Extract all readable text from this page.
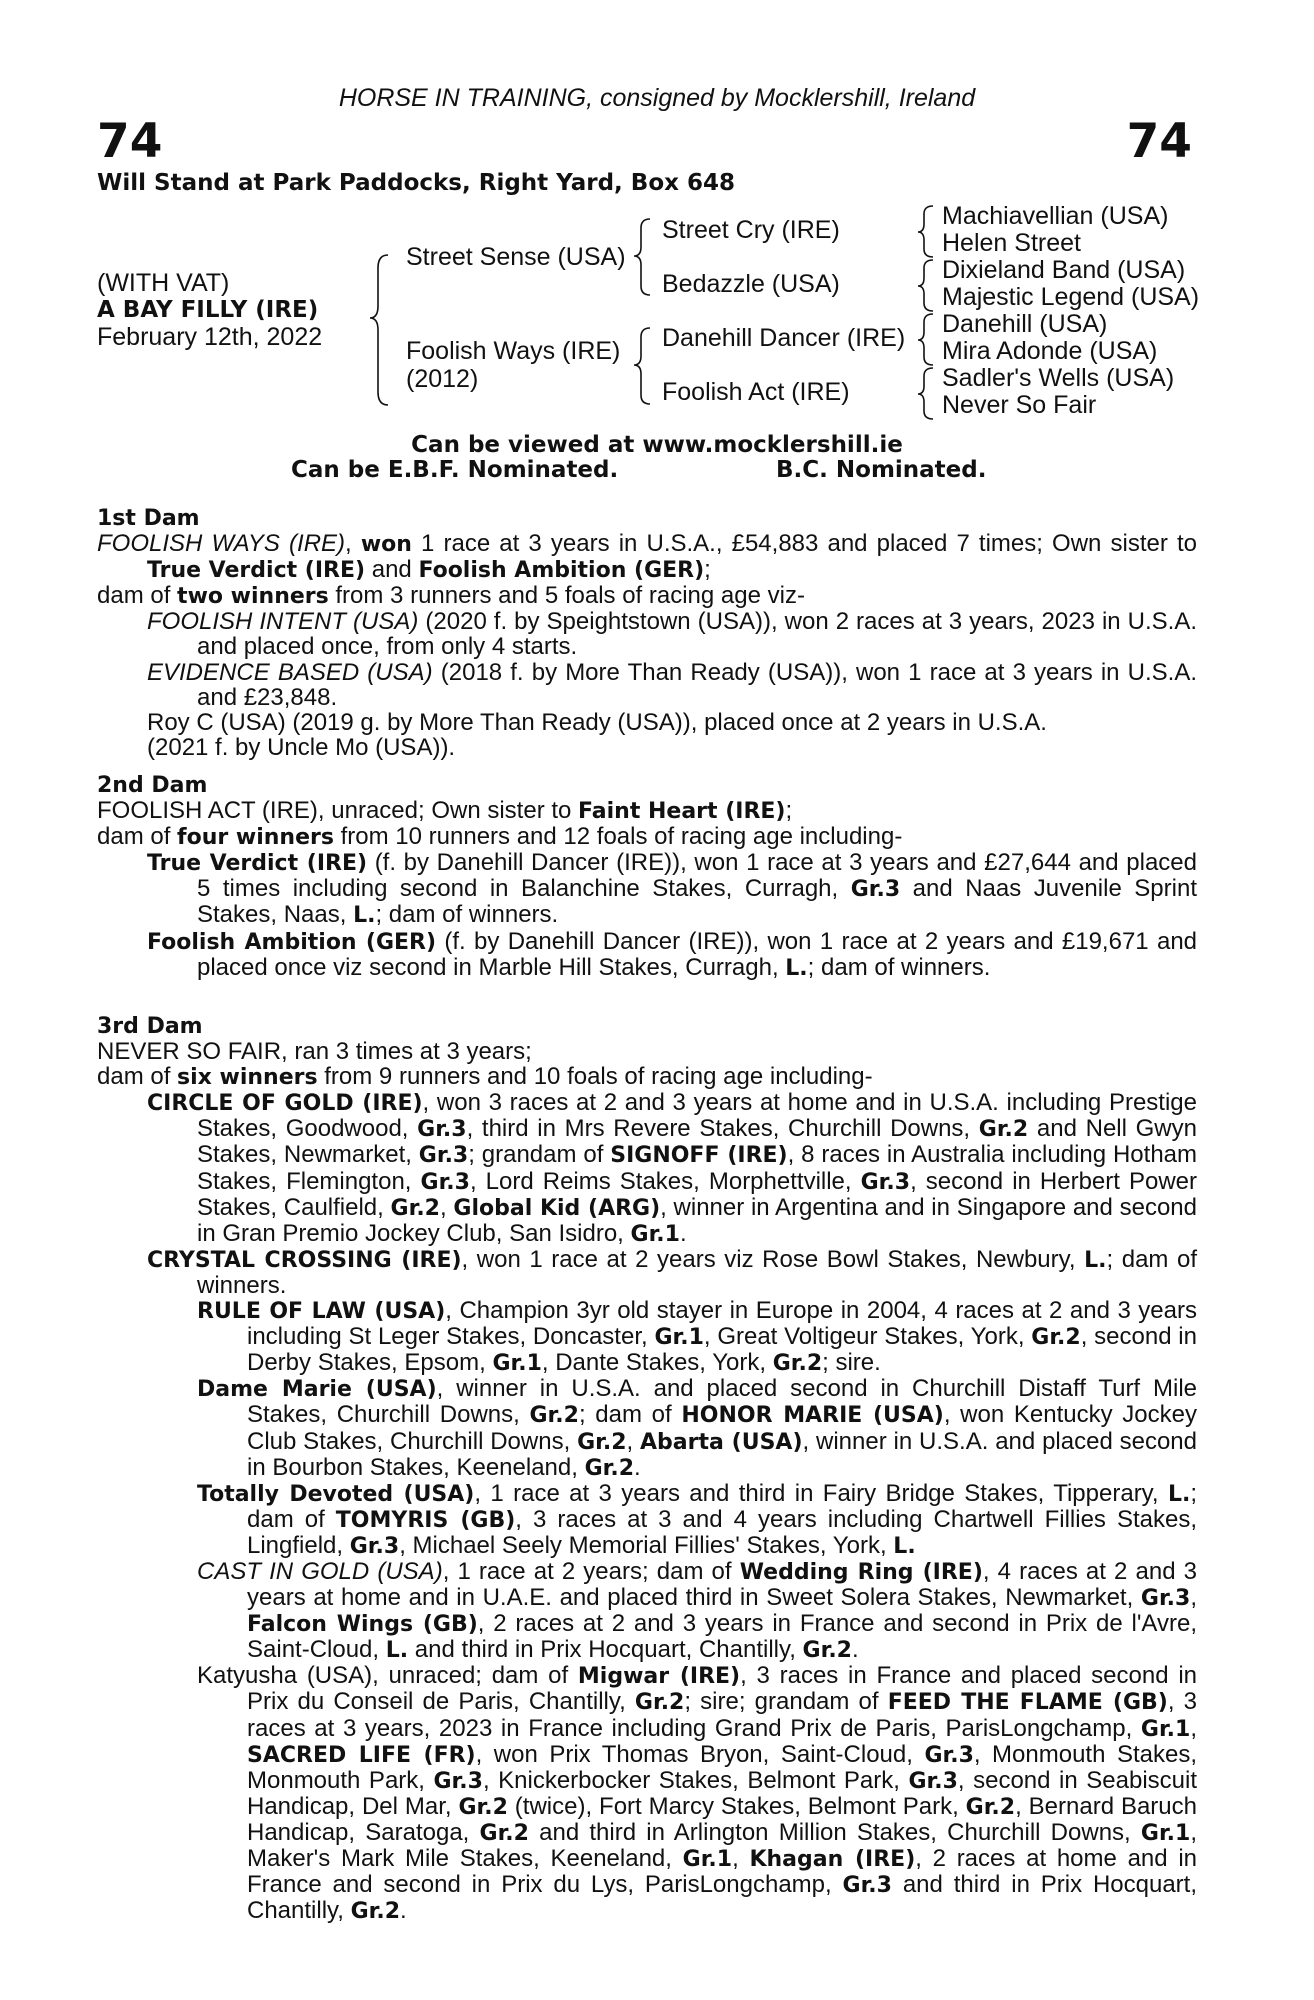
HORSE IN TRAINING, consigned by Mocklershill, Ireland
74	74
Will Stand at Park Paddocks, Right Yard, Box 648
(WITH VAT)
A BAY FILLY (IRE)
February 12th, 2022
Street Sense (USA)
Foolish Ways (IRE)
(2012)
Street Cry (IRE)
Bedazzle (USA)
Danehill Dancer (IRE)
Foolish Act (IRE)
Machiavellian (USA)
Helen Street
Dixieland Band (USA)
Majestic Legend (USA)
Danehill (USA)
Mira Adonde (USA)
Sadler's Wells (USA)
Never So Fair
Can be viewed at www.mocklershill.ie
Can be E.B.F. Nominated.	B.C. Nominated.

1st Dam

FOOLISH WAYS (IRE), won 1 race at 3 years in U.S.A., £54,883 and placed 7 times; Own sister to True Verdict (IRE) and Foolish Ambition (GER);

dam of two winners from 3 runners and 5 foals of racing age viz-

FOOLISH INTENT (USA) (2020 f. by Speightstown (USA)), won 2 races at 3 years, 2023 in U.S.A. and placed once, from only 4 starts.

EVIDENCE BASED (USA) (2018 f. by More Than Ready (USA)), won 1 race at 3 years in U.S.A. and £23,848.

Roy C (USA) (2019 g. by More Than Ready (USA)), placed once at 2 years in U.S.A.

(2021 f. by Uncle Mo (USA)).

2nd Dam

FOOLISH ACT (IRE), unraced; Own sister to Faint Heart (IRE);

dam of four winners from 10 runners and 12 foals of racing age including-

True Verdict (IRE) (f. by Danehill Dancer (IRE)), won 1 race at 3 years and £27,644 and placed 5 times including second in Balanchine Stakes, Curragh, Gr.3 and Naas Juvenile Sprint Stakes, Naas, L.; dam of winners.

Foolish Ambition (GER) (f. by Danehill Dancer (IRE)), won 1 race at 2 years and £19,671 and placed once viz second in Marble Hill Stakes, Curragh, L.; dam of winners.

3rd Dam

NEVER SO FAIR, ran 3 times at 3 years;

dam of six winners from 9 runners and 10 foals of racing age including-

CIRCLE OF GOLD (IRE), won 3 races at 2 and 3 years at home and in U.S.A. including Prestige Stakes, Goodwood, Gr.3, third in Mrs Revere Stakes, Churchill Downs, Gr.2 and Nell Gwyn Stakes, Newmarket, Gr.3; grandam of SIGNOFF (IRE), 8 races in Australia including Hotham Stakes, Flemington, Gr.3, Lord Reims Stakes, Morphettville, Gr.3, second in Herbert Power Stakes, Caulfield, Gr.2, Global Kid (ARG), winner in Argentina and in Singapore and second in Gran Premio Jockey Club, San Isidro, Gr.1.

CRYSTAL CROSSING (IRE), won 1 race at 2 years viz Rose Bowl Stakes, Newbury, L.; dam of winners.

RULE OF LAW (USA), Champion 3yr old stayer in Europe in 2004, 4 races at 2 and 3 years including St Leger Stakes, Doncaster, Gr.1, Great Voltigeur Stakes, York, Gr.2, second in Derby Stakes, Epsom, Gr.1, Dante Stakes, York, Gr.2; sire.

Dame Marie (USA), winner in U.S.A. and placed second in Churchill Distaff Turf Mile Stakes, Churchill Downs, Gr.2; dam of HONOR MARIE (USA), won Kentucky Jockey Club Stakes, Churchill Downs, Gr.2, Abarta (USA), winner in U.S.A. and placed second in Bourbon Stakes, Keeneland, Gr.2.

Totally Devoted (USA), 1 race at 3 years and third in Fairy Bridge Stakes, Tipperary, L.; dam of TOMYRIS (GB), 3 races at 3 and 4 years including Chartwell Fillies Stakes, Lingfield, Gr.3, Michael Seely Memorial Fillies' Stakes, York, L.

CAST IN GOLD (USA), 1 race at 2 years; dam of Wedding Ring (IRE), 4 races at 2 and 3 years at home and in U.A.E. and placed third in Sweet Solera Stakes, Newmarket, Gr.3, Falcon Wings (GB), 2 races at 2 and 3 years in France and second in Prix de l'Avre, Saint-Cloud, L. and third in Prix Hocquart, Chantilly, Gr.2.

Katyusha (USA), unraced; dam of Migwar (IRE), 3 races in France and placed second in Prix du Conseil de Paris, Chantilly, Gr.2; sire; grandam of FEED THE FLAME (GB), 3 races at 3 years, 2023 in France including Grand Prix de Paris, ParisLongchamp, Gr.1, SACRED LIFE (FR), won Prix Thomas Bryon, Saint-Cloud, Gr.3, Monmouth Stakes, Monmouth Park, Gr.3, Knickerbocker Stakes, Belmont Park, Gr.3, second in Seabiscuit Handicap, Del Mar, Gr.2 (twice), Fort Marcy Stakes, Belmont Park, Gr.2, Bernard Baruch Handicap, Saratoga, Gr.2 and third in Arlington Million Stakes, Churchill Downs, Gr.1, Maker's Mark Mile Stakes, Keeneland, Gr.1, Khagan (IRE), 2 races at home and in France and second in Prix du Lys, ParisLongchamp, Gr.3 and third in Prix Hocquart, Chantilly, Gr.2.
